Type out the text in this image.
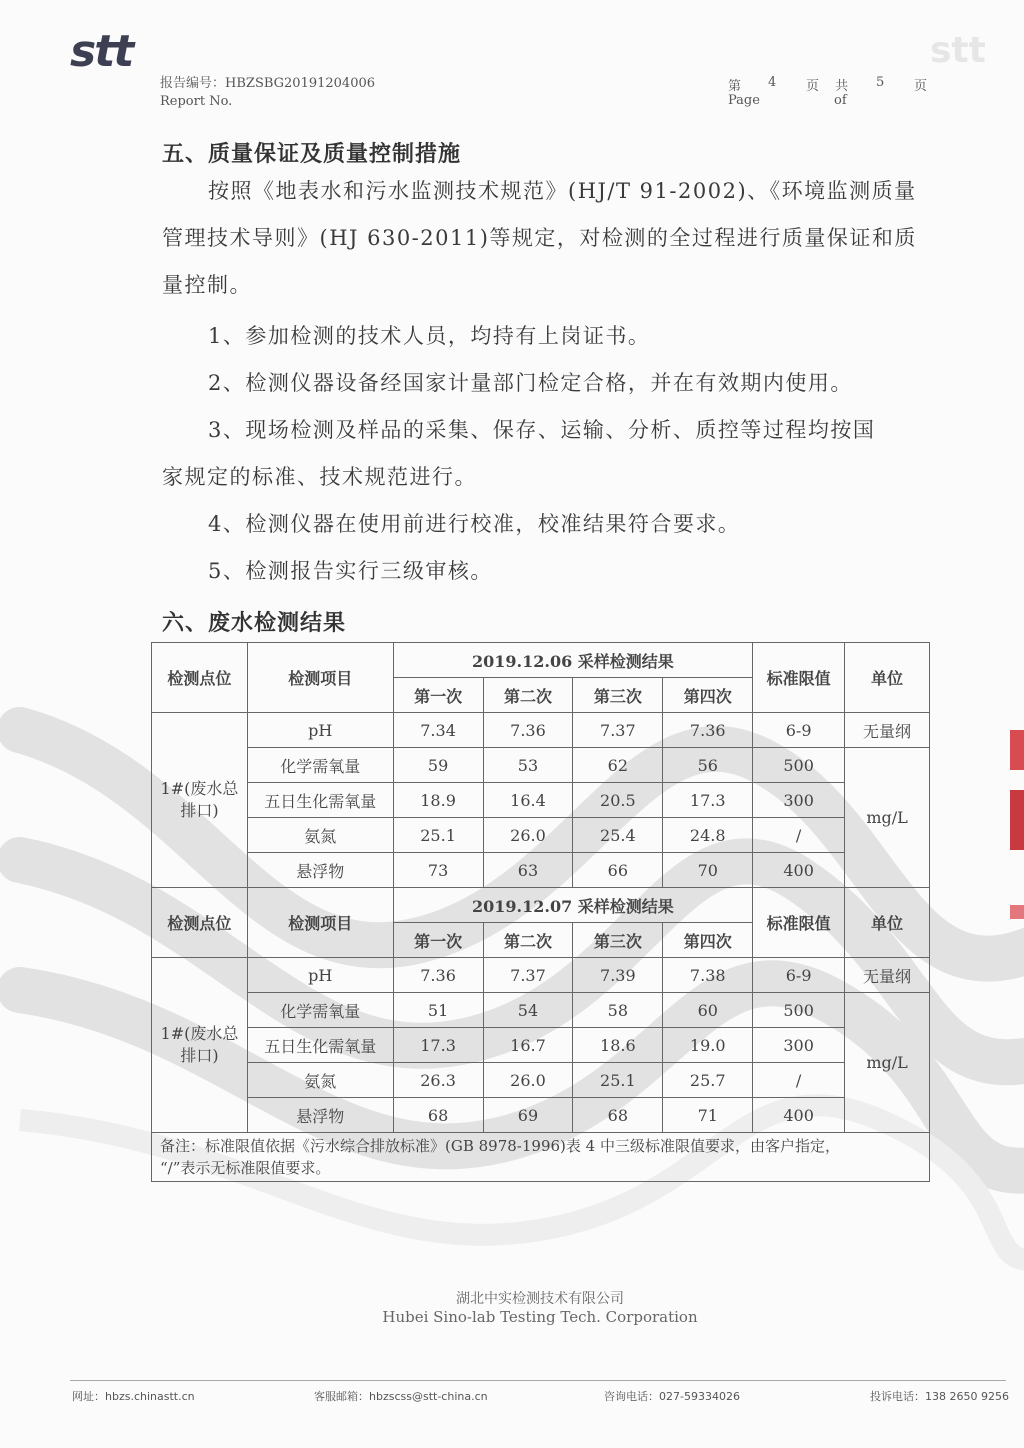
stt	stt
报告编号：HBZSBG20191204006
Report No.
第 4 页 共 5 页
Page	of
五、质量保证及质量控制措施
按照《地表水和污水监测技术规范》(HJ/T 91-2002)、《环境监测质量管理技术导则》(HJ 630-2011)等规定，对检测的全过程进行质量保证和质量控制。
1、参加检测的技术人员，均持有上岗证书。
2、检测仪器设备经国家计量部门检定合格，并在有效期内使用。
3、现场检测及样品的采集、保存、运输、分析、质控等过程均按国
家规定的标准、技术规范进行。
4、检测仪器在使用前进行校准，校准结果符合要求。
5、检测报告实行三级审核。
六、废水检测结果
检测点位	检测项目	2019.12.06 采样检测结果				标准限值	单位
		第一次	第二次	第三次	第四次		
1#(废水总排口)	pH	7.34	7.36	7.37	7.36	6-9	无量纲
	化学需氧量	59	53	62	56	500	mg/L
	五日生化需氧量	18.9	16.4	20.5	17.3	300	
	氨氮	25.1	26.0	25.4	24.8	/	
	悬浮物	73	63	66	70	400	
检测点位	检测项目	2019.12.07 采样检测结果				标准限值	单位
		第一次	第二次	第三次	第四次		
1#(废水总排口)	pH	7.36	7.37	7.39	7.38	6-9	无量纲
	化学需氧量	51	54	58	60	500	mg/L
	五日生化需氧量	17.3	16.7	18.6	19.0	300	
	氨氮	26.3	26.0	25.1	25.7	/	
	悬浮物	68	69	68	71	400	

备注：标准限值依据《污水综合排放标准》(GB 8978-1996)表 4 中三级标准限值要求，由客户指定，
“/”表示无标准限值要求。							
湖北中实检测技术有限公司
Hubei Sino-lab Testing Tech. Corporation
网址：hbzs.chinastt.cn	客服邮箱：hbzscss@stt-china.cn	咨询电话：027-59334026	投诉电话：138 2650 9256
